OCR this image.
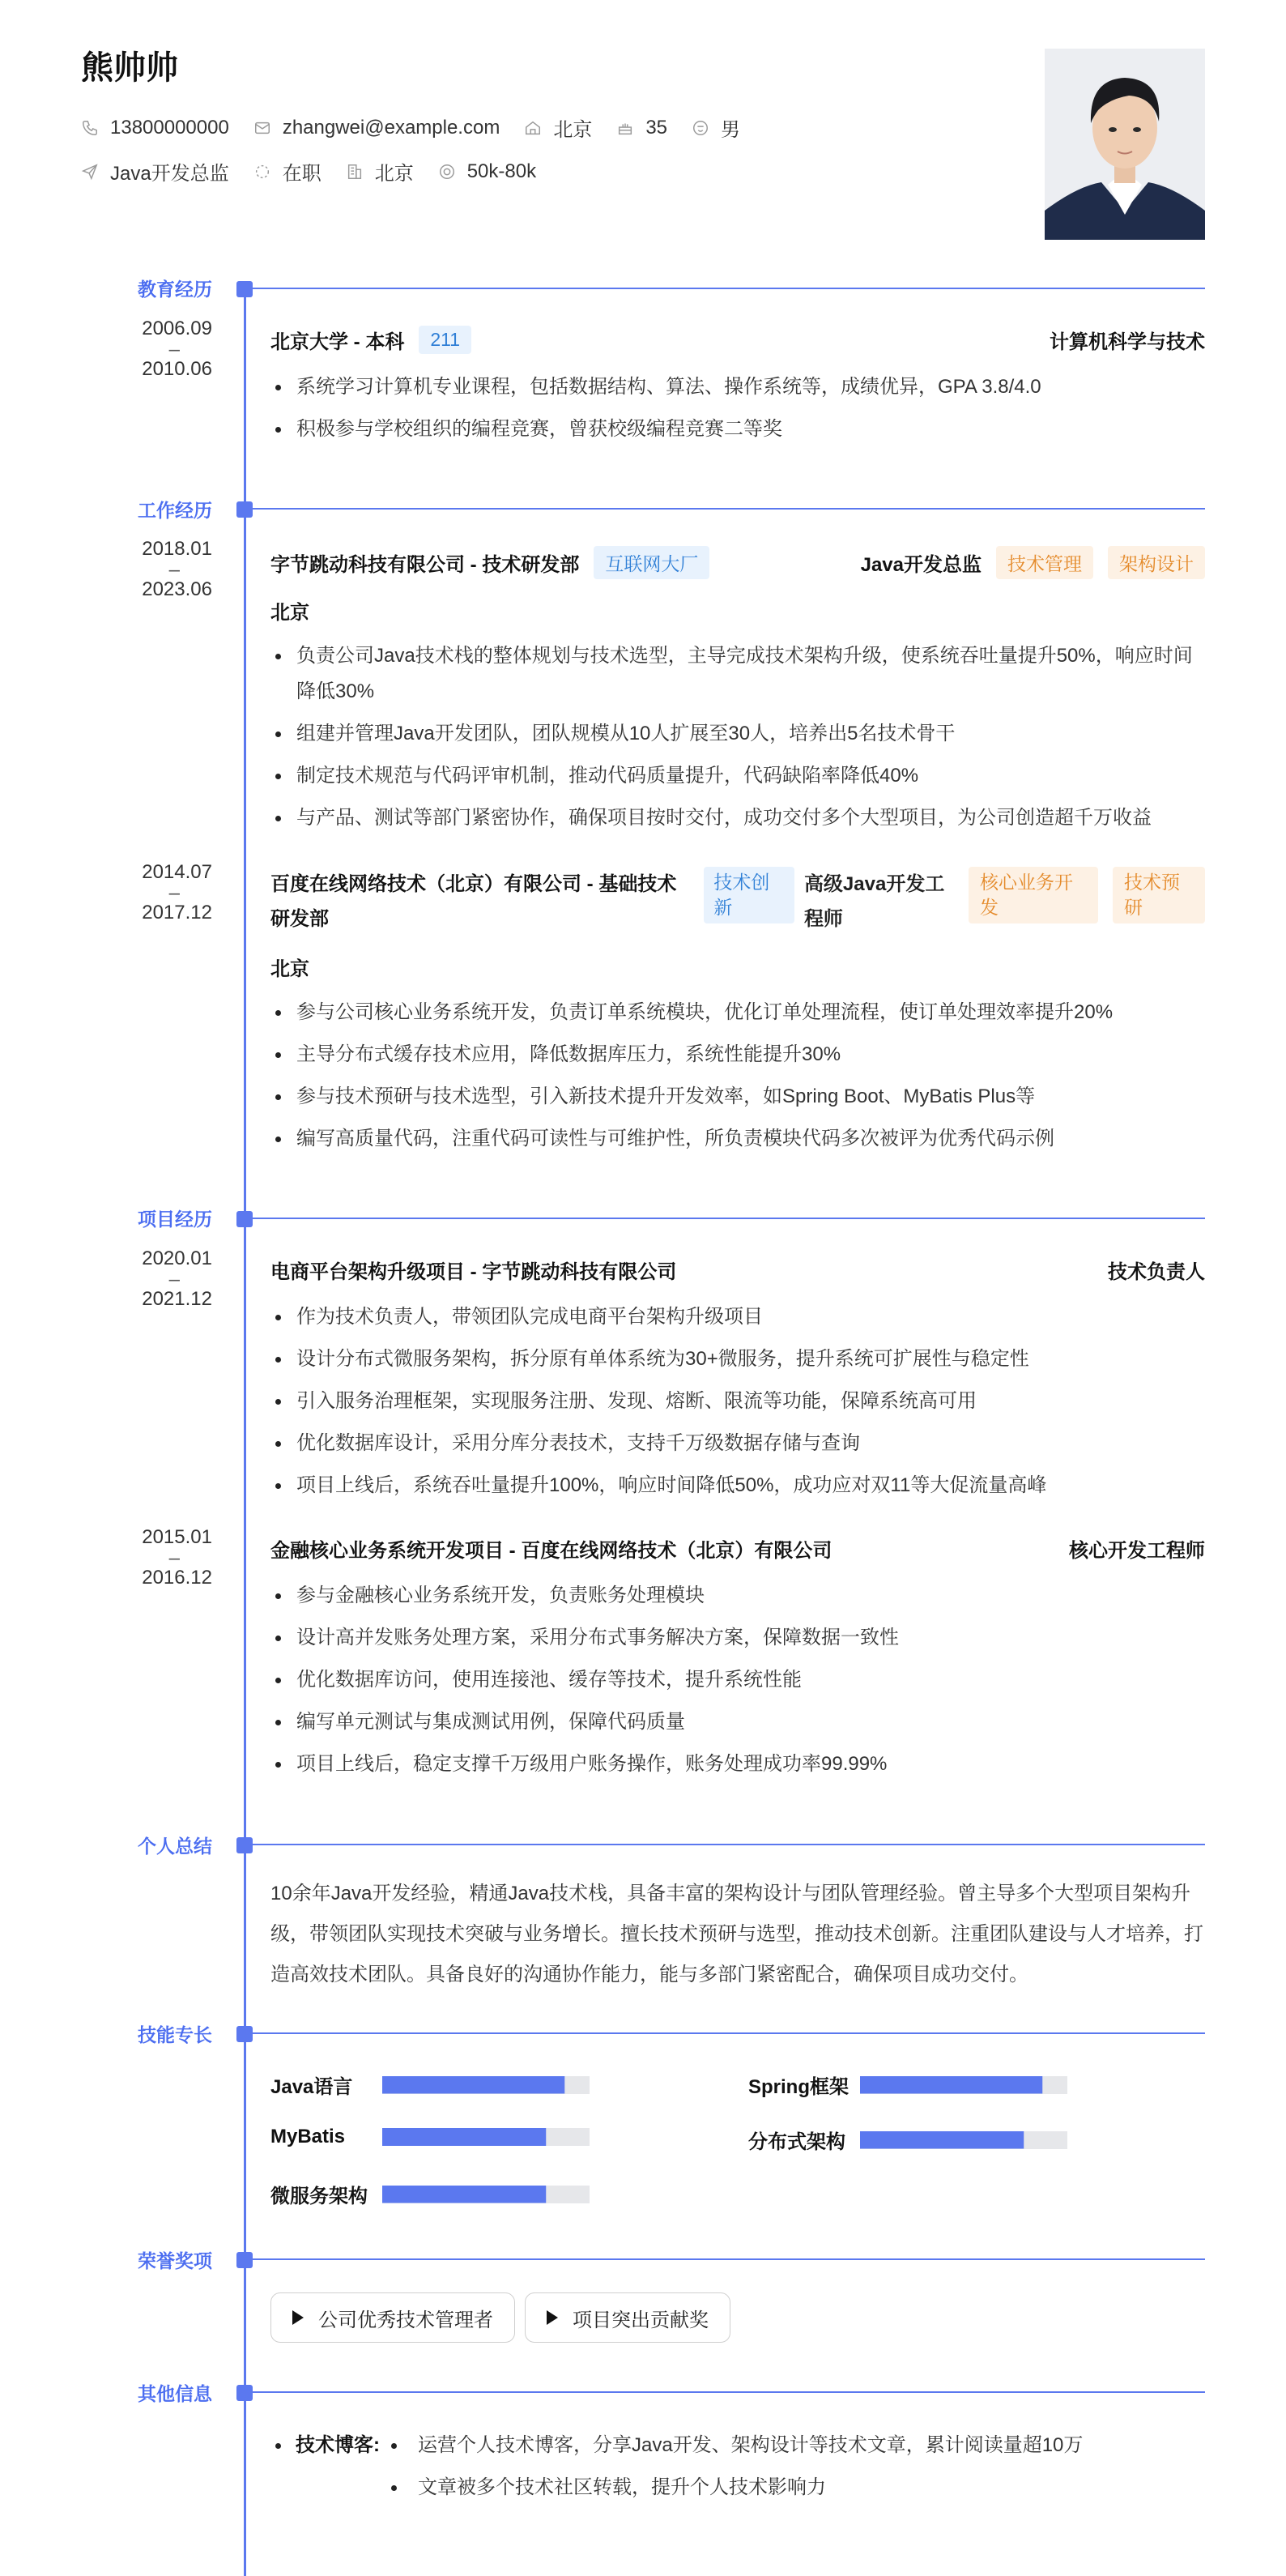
熊帅帅
13800000000	zhangwei@example.com	北京	35	男
Java开发总监	在职	北京	50k-80k
教育经历
2006.09
–
2010.06
北京大学 - 本科	211	计算机科学与技术
系统学习计算机专业课程，包括数据结构、算法、操作系统等，成绩优异，GPA 3.8/4.0
积极参与学校组织的编程竞赛，曾获校级编程竞赛二等奖
工作经历
2018.01
–
2023.06
字节跳动科技有限公司 - 技术研发部	互联网大厂	Java开发总监	技术管理	架构设计
北京
负责公司Java技术栈的整体规划与技术选型，主导完成技术架构升级，使系统吞吐量提升50%，响应时间降低30%
组建并管理Java开发团队，团队规模从10人扩展至30人，培养出5名技术骨干
制定技术规范与代码评审机制，推动代码质量提升，代码缺陷率降低40%
与产品、测试等部门紧密协作，确保项目按时交付，成功交付多个大型项目，为公司创造超千万收益
2014.07
–
2017.12
百度在线网络技术（北京）有限公司 - 基础技术研发部
技术创新
高级Java开发工程师
核心业务开发
技术预研
北京
参与公司核心业务系统开发，负责订单系统模块，优化订单处理流程，使订单处理效率提升20%
主导分布式缓存技术应用，降低数据库压力，系统性能提升30%
参与技术预研与技术选型，引入新技术提升开发效率，如Spring Boot、MyBatis Plus等
编写高质量代码，注重代码可读性与可维护性，所负责模块代码多次被评为优秀代码示例
项目经历
2020.01
–
2021.12
电商平台架构升级项目 - 字节跳动科技有限公司	技术负责人
作为技术负责人，带领团队完成电商平台架构升级项目
设计分布式微服务架构，拆分原有单体系统为30+微服务，提升系统可扩展性与稳定性
引入服务治理框架，实现服务注册、发现、熔断、限流等功能，保障系统高可用
优化数据库设计，采用分库分表技术，支持千万级数据存储与查询
项目上线后，系统吞吐量提升100%，响应时间降低50%，成功应对双11等大促流量高峰
2015.01
–
2016.12
金融核心业务系统开发项目 - 百度在线网络技术（北京）有限公司	核心开发工程师
参与金融核心业务系统开发，负责账务处理模块
设计高并发账务处理方案，采用分布式事务解决方案，保障数据一致性
优化数据库访问，使用连接池、缓存等技术，提升系统性能
编写单元测试与集成测试用例，保障代码质量
项目上线后，稳定支撑千万级用户账务操作，账务处理成功率99.99%
个人总结
10余年Java开发经验，精通Java技术栈，具备丰富的架构设计与团队管理经验。曾主导多个大型项目架构升级，带领团队实现技术突破与业务增长。擅长技术预研与选型，推动技术创新。注重团队建设与人才培养，打造高效技术团队。具备良好的沟通协作能力，能与多部门紧密配合，确保项目成功交付。
技能专长
Java语言	Spring框架
MyBatis	分布式架构
微服务架构
荣誉奖项
公司优秀技术管理者	项目突出贡献奖
其他信息
技术博客: 运营个人技术博客，分享Java开发、架构设计等技术文章，累计阅读量超10万
文章被多个技术社区转载，提升个人技术影响力
